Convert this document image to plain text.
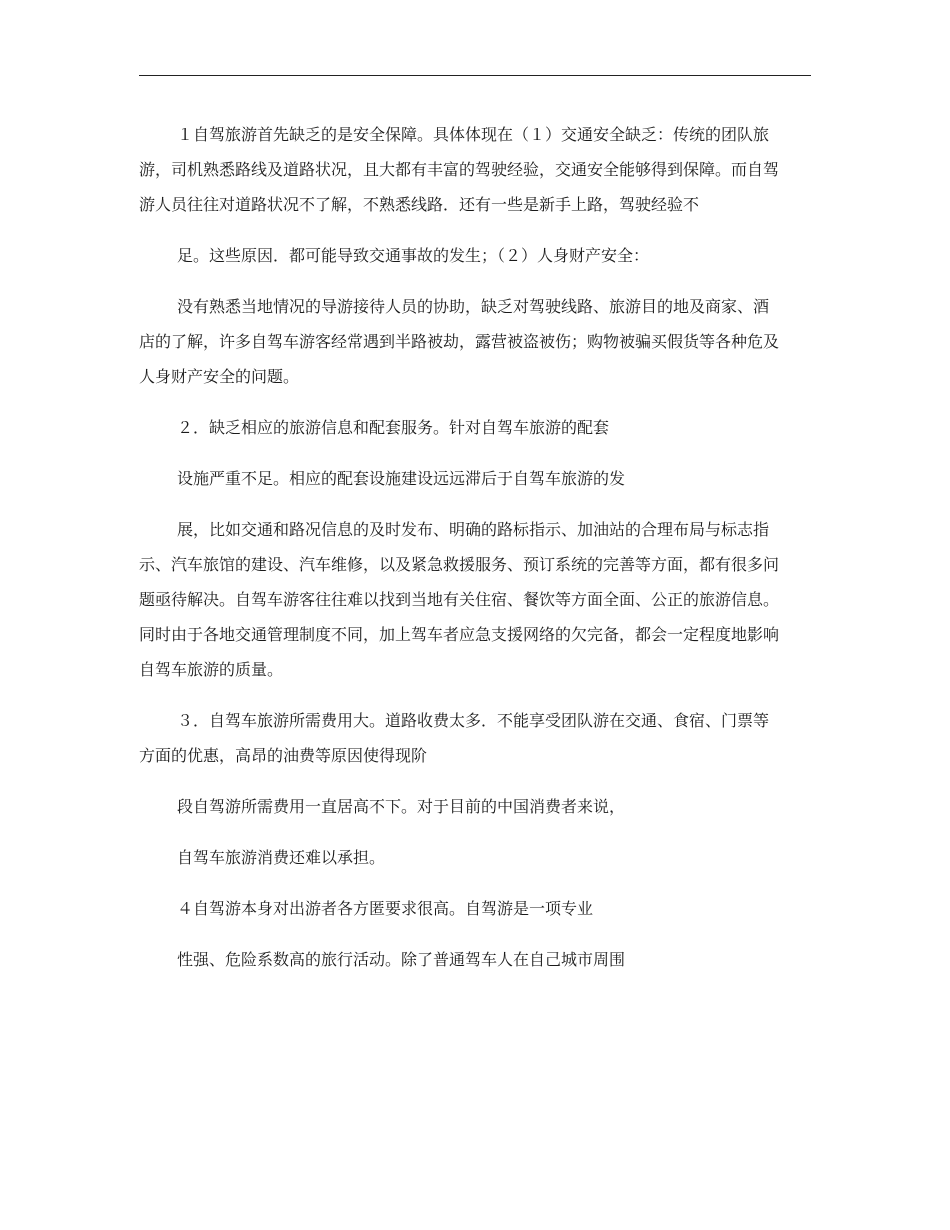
１自驾旅游首先缺乏的是安全保障。具体体现在（１）交通安全缺乏：传统的团队旅游，司机熟悉路线及道路状况，且大都有丰富的驾驶经验，交通安全能够得到保障。而自驾游人员往往对道路状况不了解，不熟悉线路．还有一些是新手上路，驾驶经验不

足。这些原因．都可能导致交通事故的发生；（２）人身财产安全：

没有熟悉当地情况的导游接待人员的协助，缺乏对驾驶线路、旅游目的地及商家、酒店的了解，许多自驾车游客经常遇到半路被劫，露营被盗被伤；购物被骗买假货等各种危及人身财产安全的问题。

２．缺乏相应的旅游信息和配套服务。针对自驾车旅游的配套

设施严重不足。相应的配套设施建设远远滞后于自驾车旅游的发

展，比如交通和路况信息的及时发布、明确的路标指示、加油站的合理布局与标志指示、汽车旅馆的建设、汽车维修，以及紧急救援服务、预订系统的完善等方面，都有很多问题亟待解决。自驾车游客往往难以找到当地有关住宿、餐饮等方面全面、公正的旅游信息。同时由于各地交通管理制度不同，加上驾车者应急支援网络的欠完备，都会一定程度地影响自驾车旅游的质量。

３．自驾车旅游所需费用大。道路收费太多．不能享受团队游在交通、食宿、门票等方面的优惠，高昂的油费等原因使得现阶

段自驾游所需费用一直居高不下。对于目前的中国消费者来说，

自驾车旅游消费还难以承担。

４自驾游本身对出游者各方匿要求很高。自驾游是一项专业

性强、危险系数高的旅行活动。除了普通驾车人在自己城市周围
